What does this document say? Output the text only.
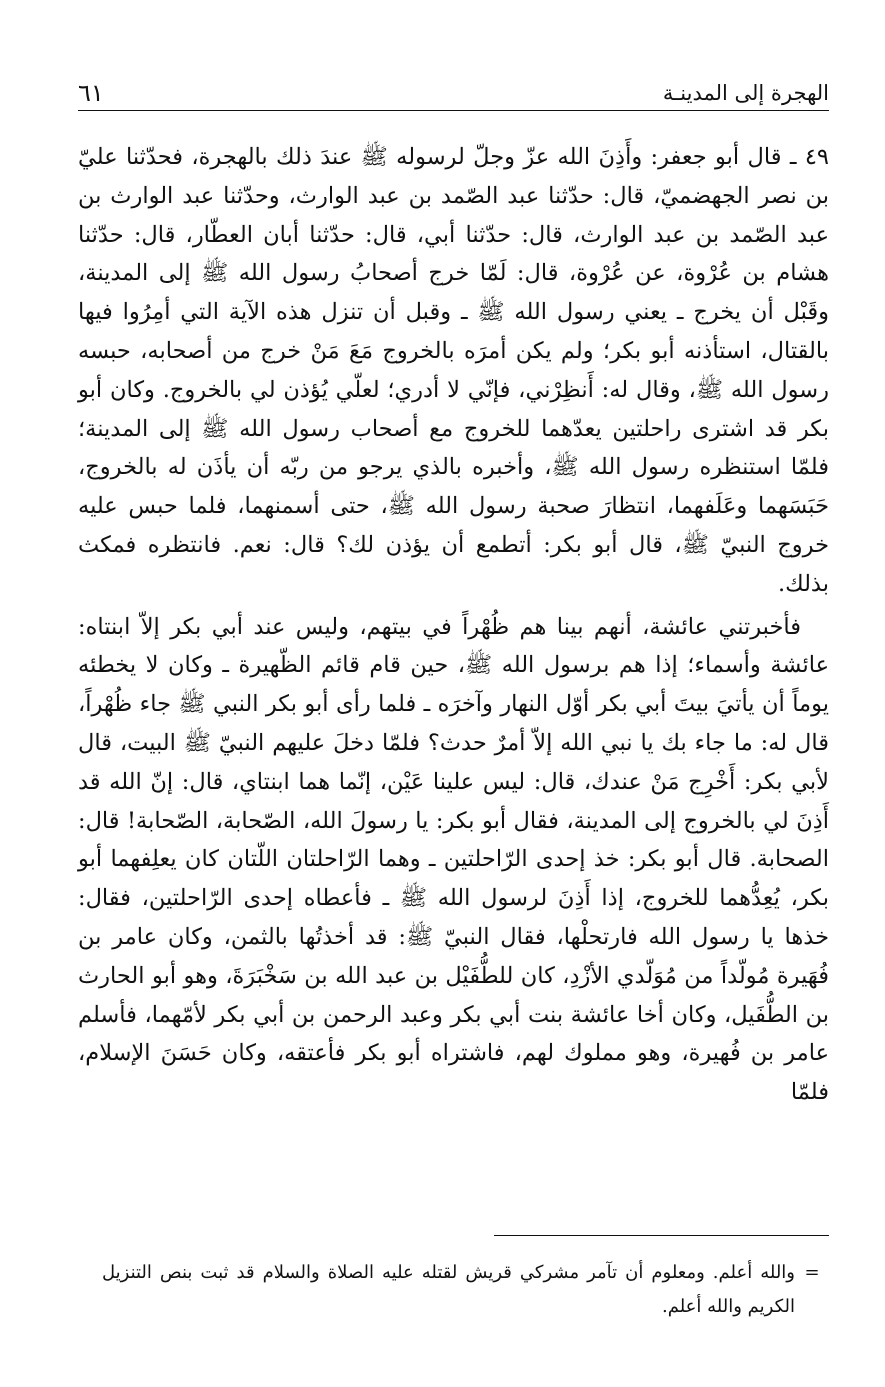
الهجرة إلى المدينـة
٦١

٤٩ ـ قال أبو جعفر: وأَذِنَ الله عزّ وجلّ لرسوله ﷺ عندَ ذلك بالهجرة، فحدّثنا عليّ بن نصر الجهضميّ، قال: حدّثنا عبد الصّمد بن عبد الوارث، وحدّثنا عبد الوارث بن عبد الصّمد بن عبد الوارث، قال: حدّثنا أبي، قال: حدّثنا أبان العطّار، قال: حدّثنا هشام بن عُرْوة، عن عُرْوة، قال: لَمّا خرج أصحابُ رسول الله ﷺ إلى المدينة، وقَبْل أن يخرج ـ يعني رسول الله ﷺ ـ وقبل أن تنزل هذه الآية التي أمِرُوا فيها بالقتال، استأذنه أبو بكر؛ ولم يكن أمرَه بالخروج مَعَ مَنْ خرج من أصحابه، حبسه رسول الله ﷺ، وقال له: أَنظِرْني، فإنّي لا أدري؛ لعلّي يُؤذن لي بالخروج. وكان أبو بكر قد اشترى راحلتين يعدّهما للخروج مع أصحاب رسول الله ﷺ إلى المدينة؛ فلمّا استنظره رسول الله ﷺ، وأخبره بالذي يرجو من ربّه أن يأذَن له بالخروج، حَبَسَهما وعَلَفهما، انتظارَ صحبة رسول الله ﷺ، حتى أسمنهما، فلما حبس عليه خروج النبيّ ﷺ، قال أبو بكر: أتطمع أن يؤذن لك؟ قال: نعم. فانتظره فمكث بذلك.

فأخبرتني عائشة، أنهم بينا هم ظُهْراً في بيتهم، وليس عند أبي بكر إلاّ ابنتاه: عائشة وأسماء؛ إذا هم برسول الله ﷺ، حين قام قائم الظّهيرة ـ وكان لا يخطئه يوماً أن يأتيَ بيتَ أبي بكر أوّل النهار وآخرَه ـ فلما رأى أبو بكر النبي ﷺ جاء ظُهْراً، قال له: ما جاء بك يا نبي الله إلاّ أمرٌ حدث؟ فلمّا دخلَ عليهم النبيّ ﷺ البيت، قال لأبي بكر: أَخْرِج مَنْ عندك، قال: ليس علينا عَيْن، إنّما هما ابنتاي، قال: إنّ الله قد أَذِنَ لي بالخروج إلى المدينة، فقال أبو بكر: يا رسولَ الله، الصّحابة، الصّحابة! قال: الصحابة. قال أبو بكر: خذ إحدى الرّاحلتين ـ وهما الرّاحلتان اللّتان كان يعلِفهما أبو بكر، يُعِدُّهما للخروج، إذا أَذِنَ لرسول الله ﷺ ـ فأعطاه إحدى الرّاحلتين، فقال: خذها يا رسول الله فارتحلْها، فقال النبيّ ﷺ: قد أخذتُها بالثمن، وكان عامر بن فُهَيرة مُولّداً من مُوَلّدي الأزْدِ، كان للطُّفَيْل بن عبد الله بن سَخْبَرَةَ، وهو أبو الحارث بن الطُّفَيل، وكان أخا عائشة بنت أبي بكر وعبد الرحمن بن أبي بكر لأمّهما، فأسلم عامر بن فُهيرة، وهو مملوك لهم، فاشتراه أبو بكر فأعتقه، وكان حَسَنَ الإسلام، فلمّا

=
والله أعلم. ومعلوم أن تآمر مشركي قريش لقتله عليه الصلاة والسلام قد ثبت بنص التنزيل الكريم والله أعلم.
